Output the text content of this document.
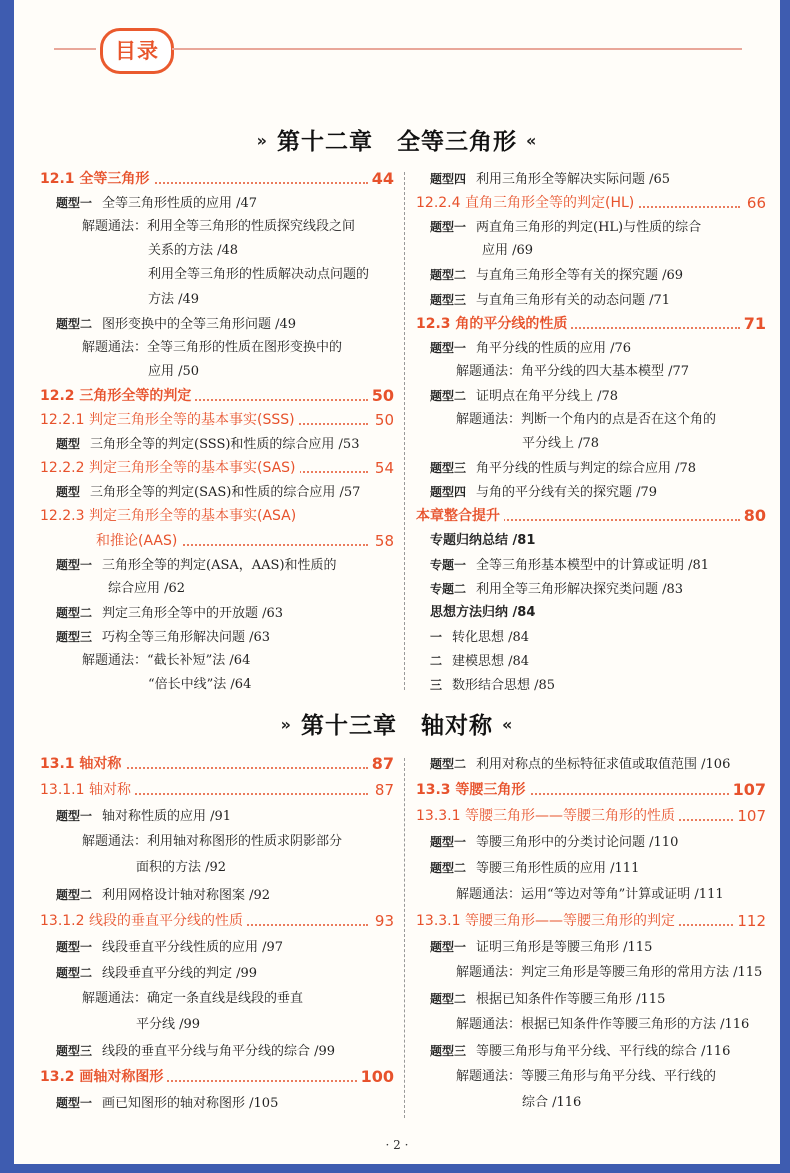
目录
» 第十二章　全等三角形 «
12.1 全等三角形	44
题型一 全等三角形性质的应用 /47
解题通法：利用全等三角形的性质探究线段之间
关系的方法 /48
利用全等三角形的性质解决动点问题的
方法 /49
题型二 图形变换中的全等三角形问题 /49
解题通法：全等三角形的性质在图形变换中的
应用 /50
12.2 三角形全等的判定	50
12.2.1 判定三角形全等的基本事实(SSS)	50
题型 三角形全等的判定(SSS)和性质的综合应用 /53
12.2.2 判定三角形全等的基本事实(SAS)	54
题型 三角形全等的判定(SAS)和性质的综合应用 /57
12.2.3 判定三角形全等的基本事实(ASA)
和推论(AAS)	58
题型一 三角形全等的判定(ASA，AAS)和性质的
综合应用 /62
题型二 判定三角形全等中的开放题 /63
题型三 巧构全等三角形解决问题 /63
解题通法：“截长补短”法 /64
“倍长中线”法 /64
题型四 利用三角形全等解决实际问题 /65
12.2.4 直角三角形全等的判定(HL)	66
题型一 两直角三角形的判定(HL)与性质的综合
应用 /69
题型二 与直角三角形全等有关的探究题 /69
题型三 与直角三角形有关的动态问题 /71
12.3 角的平分线的性质	71
题型一 角平分线的性质的应用 /76
解题通法：角平分线的四大基本模型 /77
题型二 证明点在角平分线上 /78
解题通法：判断一个角内的点是否在这个角的
平分线上 /78
题型三 角平分线的性质与判定的综合应用 /78
题型四 与角的平分线有关的探究题 /79
本章整合提升	80
专题归纳总结 /81
专题一 全等三角形基本模型中的计算或证明 /81
专题二 利用全等三角形解决探究类问题 /83
思想方法归纳 /84
一 转化思想 /84
二 建模思想 /84
三 数形结合思想 /85
» 第十三章　轴对称 «
13.1 轴对称	87
13.1.1 轴对称	87
题型一 轴对称性质的应用 /91
解题通法：利用轴对称图形的性质求阴影部分
面积的方法 /92
题型二 利用网格设计轴对称图案 /92
13.1.2 线段的垂直平分线的性质	93
题型一 线段垂直平分线性质的应用 /97
题型二 线段垂直平分线的判定 /99
解题通法：确定一条直线是线段的垂直
平分线 /99
题型三 线段的垂直平分线与角平分线的综合 /99
13.2 画轴对称图形	100
题型一 画已知图形的轴对称图形 /105
题型二 利用对称点的坐标特征求值或取值范围 /106
13.3 等腰三角形	107
13.3.1 等腰三角形——等腰三角形的性质	107
题型一 等腰三角形中的分类讨论问题 /110
题型二 等腰三角形性质的应用 /111
解题通法：运用“等边对等角”计算或证明 /111
13.3.1 等腰三角形——等腰三角形的判定	112
题型一 证明三角形是等腰三角形 /115
解题通法：判定三角形是等腰三角形的常用方法 /115
题型二 根据已知条件作等腰三角形 /115
解题通法：根据已知条件作等腰三角形的方法 /116
题型三 等腰三角形与角平分线、平行线的综合 /116
解题通法：等腰三角形与角平分线、平行线的
综合 /116
· 2 ·
